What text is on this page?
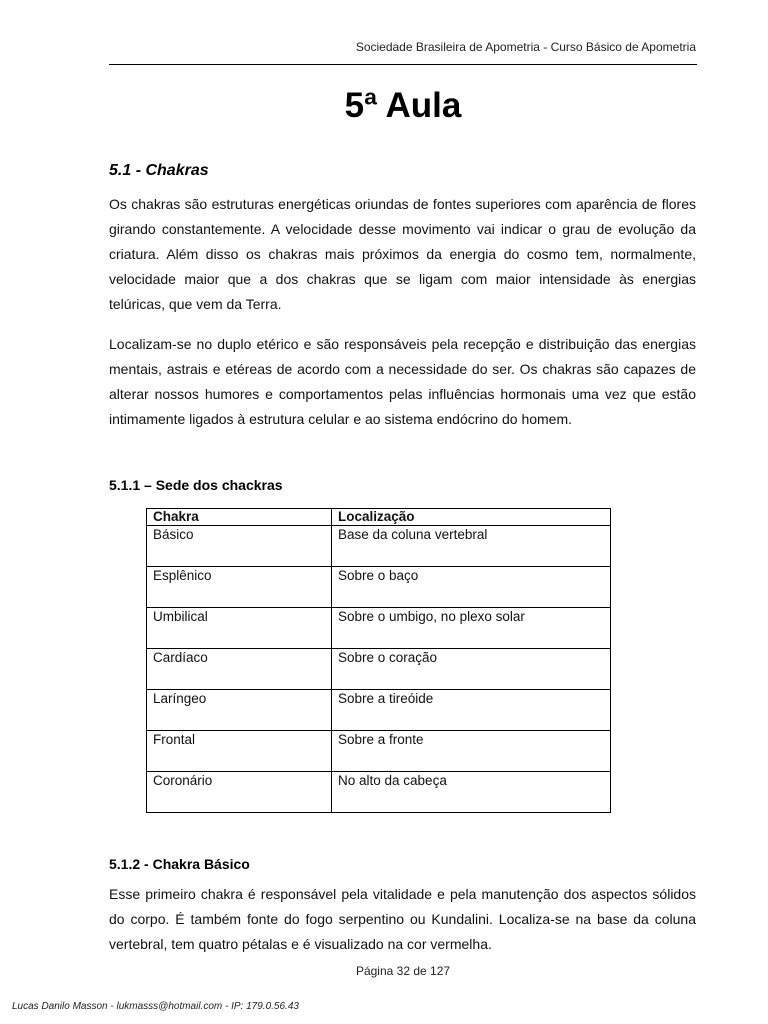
Sociedade Brasileira de Apometria - Curso Básico de Apometria
5ª Aula
5.1 - Chakras

Os chakras são estruturas energéticas oriundas de fontes superiores com aparência de flores girando constantemente. A velocidade desse movimento vai indicar o grau de evolução da criatura. Além disso os chakras mais próximos da energia do cosmo tem, normalmente, velocidade maior que a dos chakras que se ligam com maior intensidade às energias telúricas, que vem da Terra.

Localizam-se no duplo etérico e são responsáveis pela recepção e distribuição das energias mentais, astrais e etéreas de acordo com a necessidade do ser. Os chakras são capazes de alterar nossos humores e comportamentos pelas influências hormonais uma vez que estão intimamente ligados à estrutura celular e ao sistema endócrino do homem.

5.1.1 – Sede dos chackras
Chakra	Localização
Básico	Base da coluna vertebral
Esplênico	Sobre o baço
Umbilical	Sobre o umbigo, no plexo solar
Cardíaco	Sobre o coração
Laríngeo	Sobre a tireóide
Frontal	Sobre a fronte
Coronário	No alto da cabeça
5.1.2 - Chakra Básico

Esse primeiro chakra é responsável pela vitalidade e pela manutenção dos aspectos sólidos do corpo. É também fonte do fogo serpentino ou Kundalini. Localiza-se na base da coluna vertebral, tem quatro pétalas e é visualizado na cor vermelha.

Página 32 de 127
Lucas Danilo Masson - lukmasss@hotmail.com - IP: 179.0.56.43
